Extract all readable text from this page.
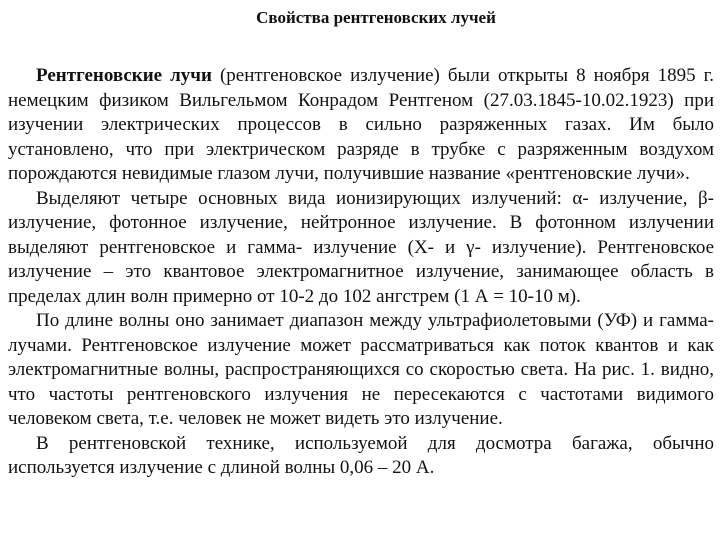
Свойства рентгеновских лучей

Рентгеновские лучи (рентгеновское излучение) были открыты 8 ноября 1895 г. немецким физиком Вильгельмом Конрадом Рентгеном (27.03.1845-10.02.1923) при изучении электрических процессов в сильно разряженных газах. Им было установлено, что при электрическом разряде в трубке с разряженным воздухом порождаются невидимые глазом лучи, получившие название «рентгеновские лучи».

Выделяют четыре основных вида ионизирующих излучений: α- излучение, β-излучение, фотонное излучение, нейтронное излучение. В фотонном излучении выделяют рентгеновское и гамма- излучение (Х- и γ- излучение). Рентгеновское излучение – это квантовое электромагнитное излучение, занимающее область в пределах длин волн примерно от 10-2 до 102 ангстрем (1 А = 10-10 м).

По длине волны оно занимает диапазон между ультрафиолетовыми (УФ) и гамма- лучами. Рентгеновское излучение может рассматриваться как поток квантов и как электромагнитные волны, распространяющихся со скоростью света. На рис. 1. видно, что частоты рентгеновского излучения не пересекаются с частотами видимого человеком света, т.е. человек не может видеть это излучение.

В рентгеновской технике, используемой для досмотра багажа, обычно используется излучение с длиной волны 0,06 – 20 А.
